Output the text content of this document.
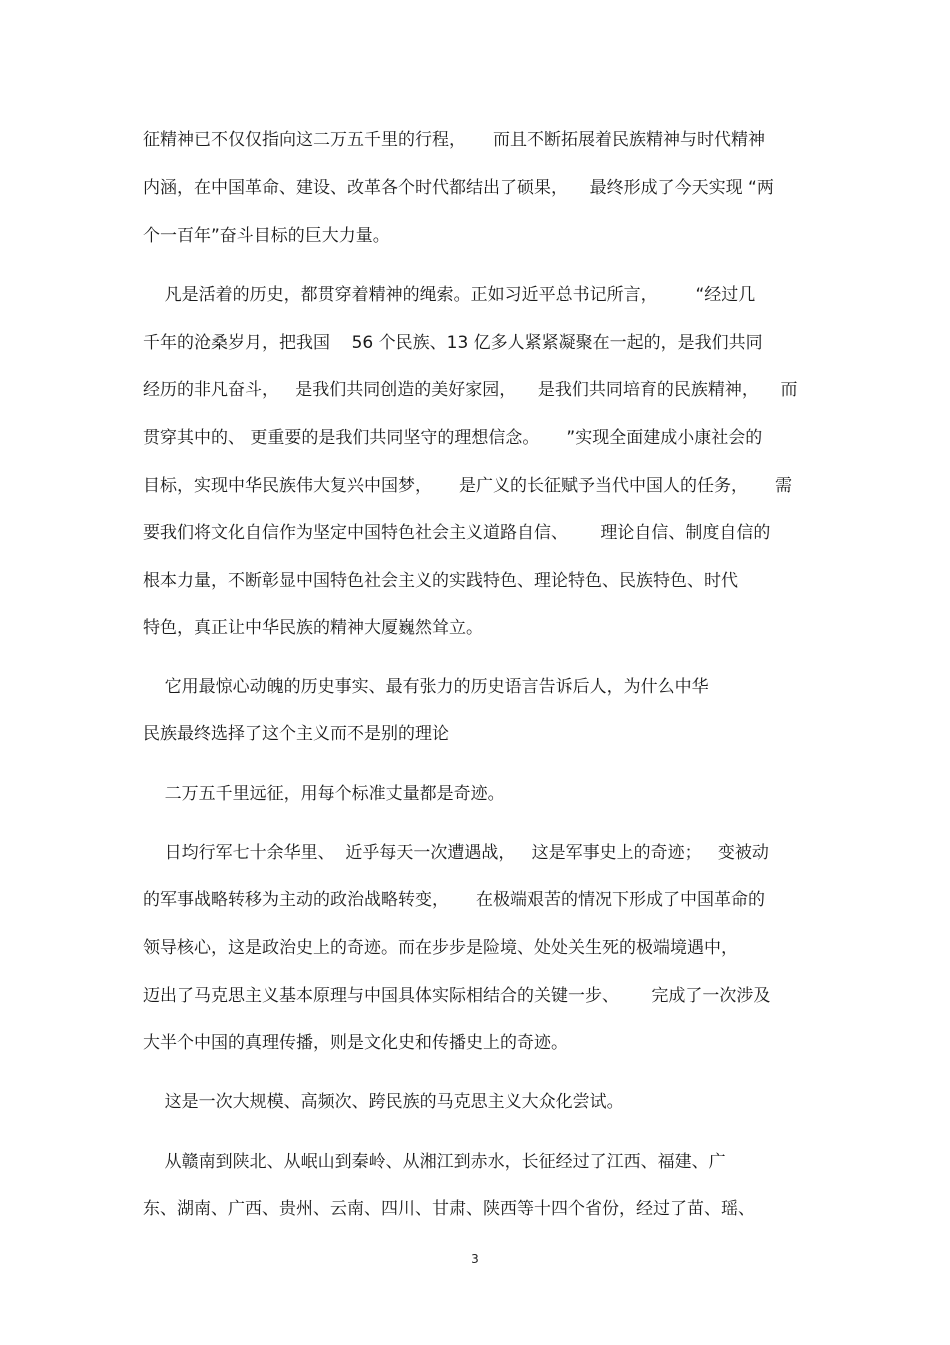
征精神已不仅仅指向这二万五千里的行程，     而且不断拓展着民族精神与时代精神

内涵，在中国革命、建设、改革各个时代都结出了硕果，    最终形成了今天实现 “两

个一百年”奋斗目标的巨大力量。

凡是活着的历史，都贯穿着精神的绳索。正如习近平总书记所言，       “经过几

千年的沧桑岁月，把我国    56 个民族、13 亿多人紧紧凝聚在一起的，是我们共同

经历的非凡奋斗，   是我们共同创造的美好家园，    是我们共同培育的民族精神，    而

贯穿其中的、 更重要的是我们共同坚守的理想信念。     ”实现全面建成小康社会的

目标，实现中华民族伟大复兴中国梦，     是广义的长征赋予当代中国人的任务，     需

要我们将文化自信作为坚定中国特色社会主义道路自信、      理论自信、制度自信的

根本力量，不断彰显中国特色社会主义的实践特色、理论特色、民族特色、时代

特色，真正让中华民族的精神大厦巍然耸立。

它用最惊心动魄的历史事实、最有张力的历史语言告诉后人，为什么中华

民族最终选择了这个主义而不是别的理论

二万五千里远征，用每个标准丈量都是奇迹。

日均行军七十余华里、  近乎每天一次遭遇战，   这是军事史上的奇迹；   变被动

的军事战略转移为主动的政治战略转变，     在极端艰苦的情况下形成了中国革命的

领导核心，这是政治史上的奇迹。而在步步是险境、处处关生死的极端境遇中，

迈出了马克思主义基本原理与中国具体实际相结合的关键一步、      完成了一次涉及

大半个中国的真理传播，则是文化史和传播史上的奇迹。

这是一次大规模、高频次、跨民族的马克思主义大众化尝试。

从赣南到陕北、从岷山到秦岭、从湘江到赤水，长征经过了江西、福建、广

东、湖南、广西、贵州、云南、四川、甘肃、陕西等十四个省份，经过了苗、瑶、

3
